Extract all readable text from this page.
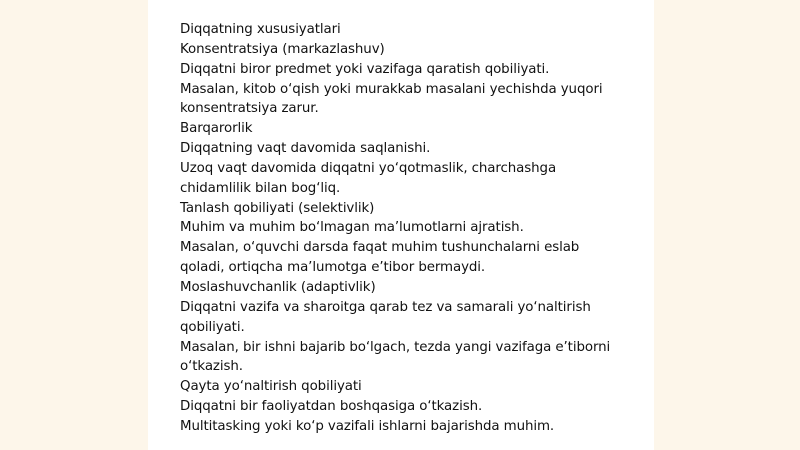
Diqqatning xususiyatlari
Konsentratsiya (markazlashuv)
Diqqatni biror predmet yoki vazifaga qaratish qobiliyati.
Masalan, kitob o‘qish yoki murakkab masalani yechishda yuqori
konsentratsiya zarur.
Barqarorlik
Diqqatning vaqt davomida saqlanishi.
Uzoq vaqt davomida diqqatni yo‘qotmaslik, charchashga
chidamlilik bilan bog‘liq.
Tanlash qobiliyati (selektivlik)
Muhim va muhim bo‘lmagan ma’lumotlarni ajratish.
Masalan, o‘quvchi darsda faqat muhim tushunchalarni eslab
qoladi, ortiqcha ma’lumotga e’tibor bermaydi.
Moslashuvchanlik (adaptivlik)
Diqqatni vazifa va sharoitga qarab tez va samarali yo‘naltirish
qobiliyati.
Masalan, bir ishni bajarib bo‘lgach, tezda yangi vazifaga e’tiborni
o‘tkazish.
Qayta yo‘naltirish qobiliyati
Diqqatni bir faoliyatdan boshqasiga o‘tkazish.
Multitasking yoki ko‘p vazifali ishlarni bajarishda muhim.
